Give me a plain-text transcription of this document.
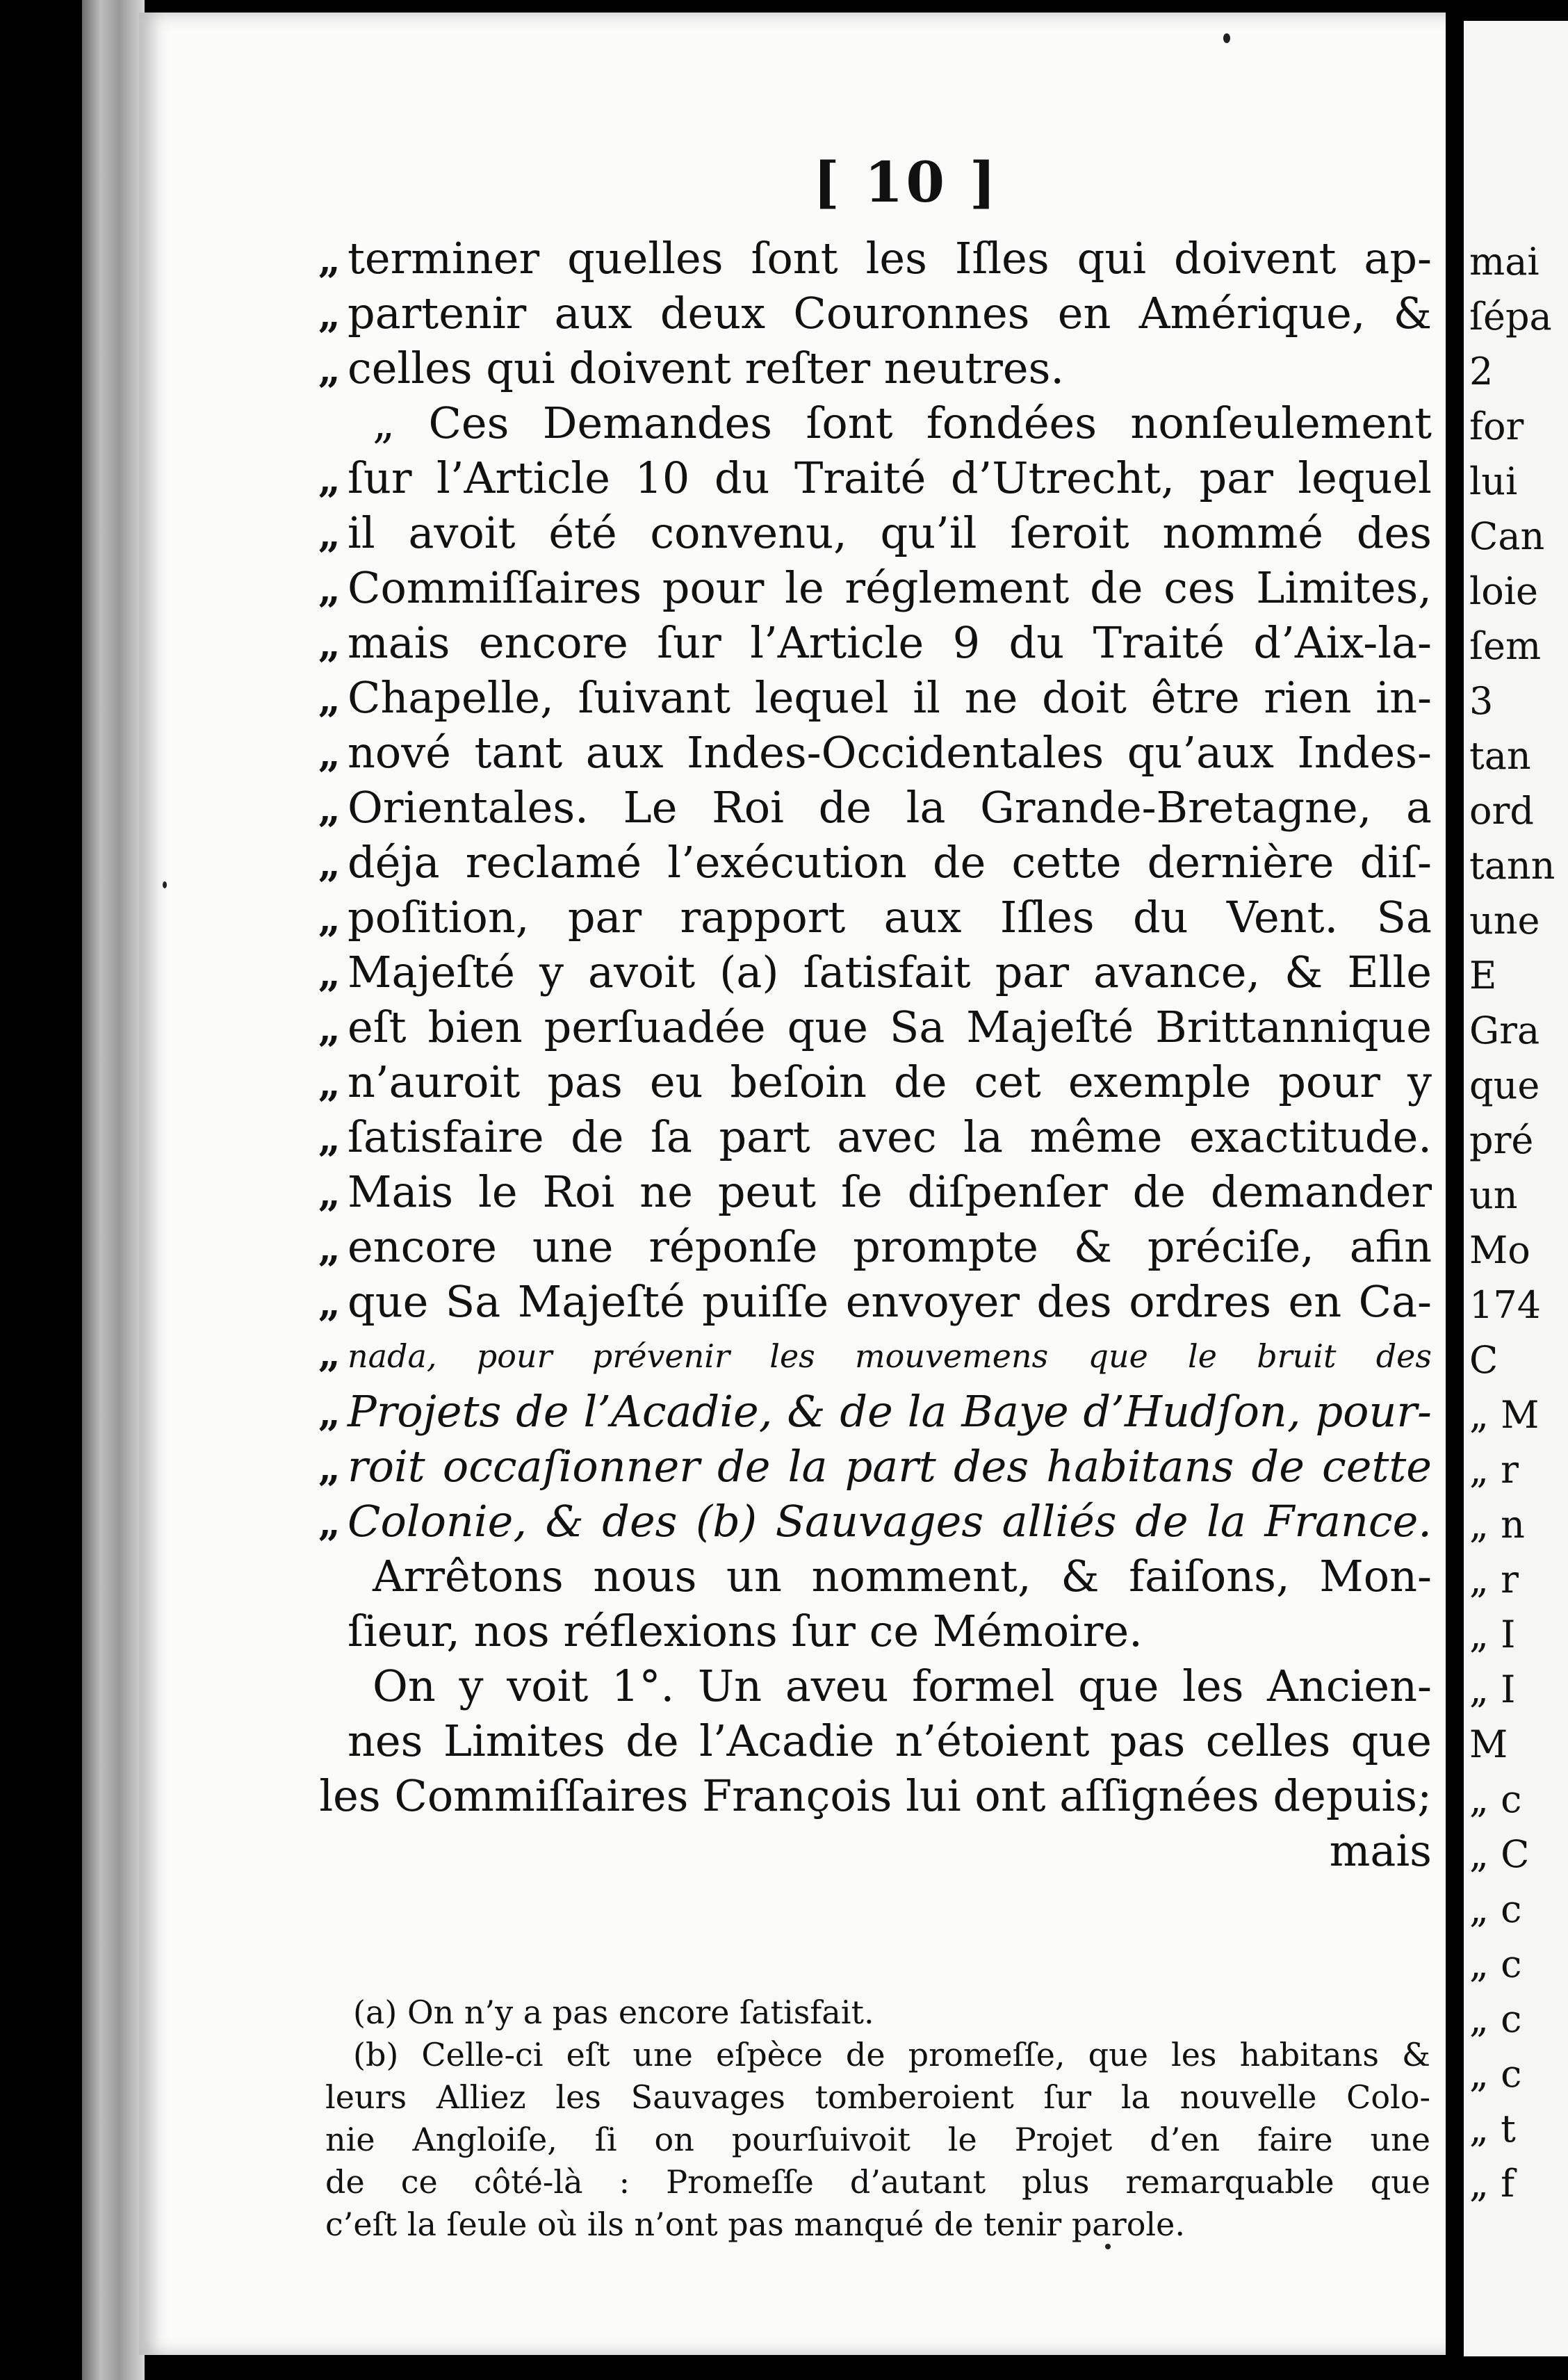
mai
ſépa
2
for
lui
Can
loie
ſem
3
tan
ord
tann
une
E
Gra
que
pré
un
Mo
174
C
„ M
„ r
„ n
„ r
„ I
„ I
M
„ c
„ C
„ c
„ c
„ c
„ c
„ t
„ f
[ 10 ]
„ terminer quelles ſont les Iſles qui doivent ap-
„ partenir aux deux Couronnes en Amérique, &
„ celles qui doivent reſter neutres.
„ Ces Demandes ſont fondées nonſeulement
„ ſur l’Article 10 du Traité d’Utrecht, par lequel
„ il avoit été convenu, qu’il ſeroit nommé des
„ Commiſſaires pour le réglement de ces Limites,
„ mais encore ſur l’Article 9 du Traité d’Aix-la-
„ Chapelle, ſuivant lequel il ne doit être rien in-
„ nové tant aux Indes-Occidentales qu’aux Indes-
„ Orientales. Le Roi de la Grande-Bretagne, a
„ déja reclamé l’exécution de cette dernière diſ-
„ poſition, par rapport aux Iſles du Vent. Sa
„ Majeſté y avoit (a) ſatisfait par avance, & Elle
„ eſt bien perſuadée que Sa Majeſté Brittannique
„ n’auroit pas eu beſoin de cet exemple pour y
„ ſatisfaire de ſa part avec la même exactitude.
„ Mais le Roi ne peut ſe diſpenſer de demander
„ encore une réponſe prompte & préciſe, afin
„ que Sa Majeſté puiſſe envoyer des ordres en Ca-
„ nada, pour prévenir les mouvemens que le bruit des
„ Projets de l’Acadie, & de la Baye d’Hudſon, pour-
„ roit occaſionner de la part des habitans de cette
„ Colonie, & des (b) Sauvages alliés de la France.
Arrêtons nous un nomment, & faiſons, Mon-
ſieur, nos réflexions ſur ce Mémoire.
On y voit 1°. Un aveu formel que les Ancien-
nes Limites de l’Acadie n’étoient pas celles que
les Commiſſaires François lui ont aſſignées depuis;
mais
(a) On n’y a pas encore ſatisfait.
(b) Celle-ci eſt une eſpèce de promeſſe, que les habitans &
leurs Alliez les Sauvages tomberoient ſur la nouvelle Colo-
nie Angloiſe, ſi on pourſuivoit le Projet d’en faire une
de ce côté-là : Promeſſe d’autant plus remarquable que
c’eſt la ſeule où ils n’ont pas manqué de tenir parole.
